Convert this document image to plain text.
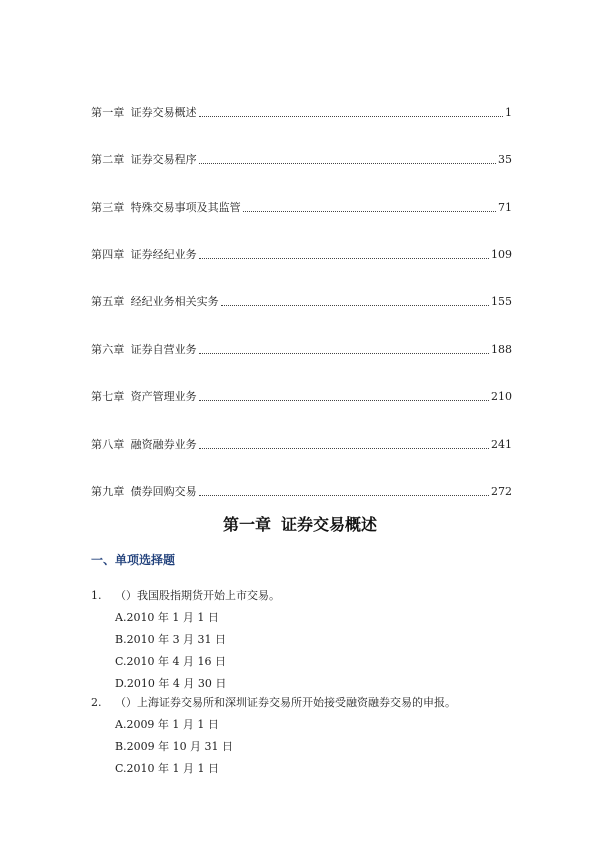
第一章 证券交易概述	1
第二章 证券交易程序	35
第三章 特殊交易事项及其监管	71
第四章 证券经纪业务	109
第五章 经纪业务相关实务	155
第六章 证券自营业务	188
第七章 资产管理业务	210
第八章 融资融券业务	241
第九章 债券回购交易	272
第一章 证券交易概述
一、单项选择题
1. （）我国股指期货开始上市交易。
A.2010 年 1 月 1 日
B.2010 年 3 月 31 日
C.2010 年 4 月 16 日
D.2010 年 4 月 30 日
2. （）上海证券交易所和深圳证券交易所开始接受融资融券交易的申报。
A.2009 年 1 月 1 日
B.2009 年 10 月 31 日
C.2010 年 1 月 1 日
